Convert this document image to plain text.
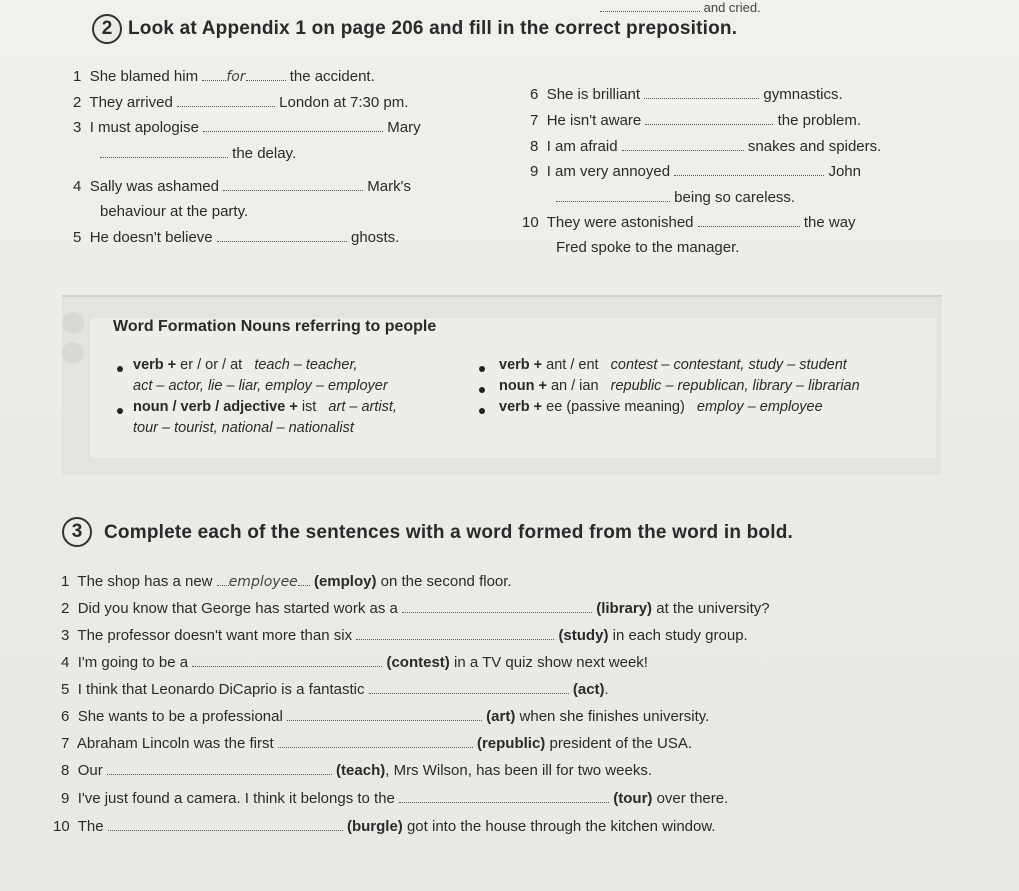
and cried.
2 Look at Appendix 1 on page 206 and fill in the correct preposition.
1 She blamed him for	the accident.
2 They arrived	London at 7:30 pm.
3 I must apologise	Mary
the delay.
4 Sally was ashamed	Mark's
behaviour at the party.
5 He doesn't believe	ghosts.
6 She is brilliant	gymnastics.
7 He isn't aware	the problem.
8 I am afraid	snakes and spiders.
9 I am very annoyed	John
being so careless.
10 They were astonished	the way
Fred spoke to the manager.
Word Formation Nouns referring to people
verb + er / or / at teach – teacher,	verb + ant / ent contest – contestant, study – student
act – actor, lie – liar, employ – employer	noun + an / ian republic – republican, library – librarian
noun / verb / adjective + ist art – artist,	verb + ee (passive meaning) employ – employee
tour – tourist, national – nationalist
3	Complete each of the sentences with a word formed from the word in bold.
1 The shop has a new employee (employ) on the second floor.
2 Did you know that George has started work as a	(library) at the university?
3 The professor doesn't want more than six	(study) in each study group.
4 I'm going to be a	(contest) in a TV quiz show next week!
5 I think that Leonardo DiCaprio is a fantastic	(act).
6 She wants to be a professional	(art) when she finishes university.
7 Abraham Lincoln was the first	(republic) president of the USA.
8 Our	(teach), Mrs Wilson, has been ill for two weeks.
9 I've just found a camera. I think it belongs to the	(tour) over there.
10 The	(burgle) got into the house through the kitchen window.
